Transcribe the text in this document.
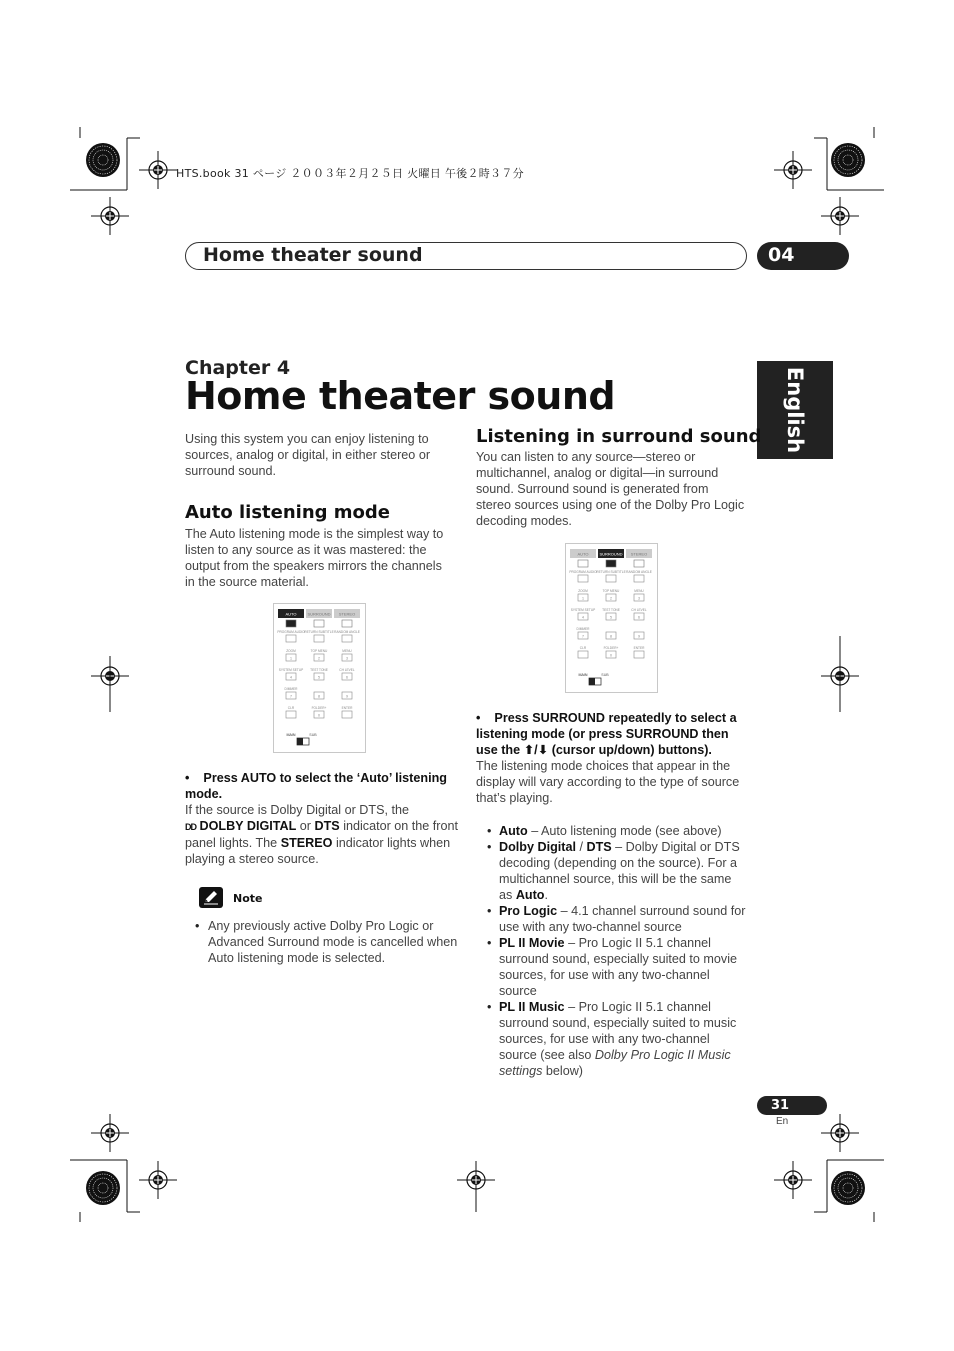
HTS.book 31 ページ ２００３年２月２５日 火曜日 午後２時３７分
Home theater sound	04
English
Chapter 4
Home theater sound
Using this system you can enjoy listening to sources, analog or digital, in either stereo or surround sound.
Auto listening mode
The Auto listening mode is the simplest way to listen to any source as it was mastered: the output from the speakers mirrors the channels in the source material.
AUTO	SURROUND STEREO
PROGRAM AUDIO RETURN SUBTITLE RANDOM ANGLE
ZOOM
1
TOP MENU
2
MENU
3
SYSTEM SETUP
4
TEST TONE
5
CH LEVEL
6
DIMMER
7	8	9
CLR	FOLDER+
0
ENTER
MAIN	SUB
• Press AUTO to select the ‘Auto’ listening mode.
If the source is Dolby Digital or DTS, the
DD DOLBY DIGITAL or DTS indicator on the front panel lights. The STEREO indicator lights when playing a stereo source.
Note
• Any previously active Dolby Pro Logic or Advanced Surround mode is cancelled when Auto listening mode is selected.
Listening in surround sound
You can listen to any source—stereo or multichannel, analog or digital—in surround sound. Surround sound is generated from stereo sources using one of the Dolby Pro Logic decoding modes.
AUTO	SURROUND STEREO
PROGRAM AUDIO RETURN SUBTITLE RANDOM ANGLE
ZOOM
1
TOP MENU
2
MENU
3
SYSTEM SETUP
4
TEST TONE
5
CH LEVEL
6
DIMMER
7	8	9
CLR	FOLDER+
0
ENTER
MAIN	SUB
• Press SURROUND repeatedly to select a listening mode (or press SURROUND then use the ⬆/⬇ (cursor up/down) buttons).
The listening mode choices that appear in the display will vary according to the type of source that’s playing.
• Auto – Auto listening mode (see above)
• Dolby Digital / DTS – Dolby Digital or DTS decoding (depending on the source). For a multichannel source, this will be the same as Auto.
• Pro Logic – 4.1 channel surround sound for use with any two-channel source
• PL II Movie – Pro Logic II 5.1 channel surround sound, especially suited to movie sources, for use with any two-channel source
• PL II Music – Pro Logic II 5.1 channel surround sound, especially suited to music sources, for use with any two-channel source (see also Dolby Pro Logic II Music settings below)
31
En
